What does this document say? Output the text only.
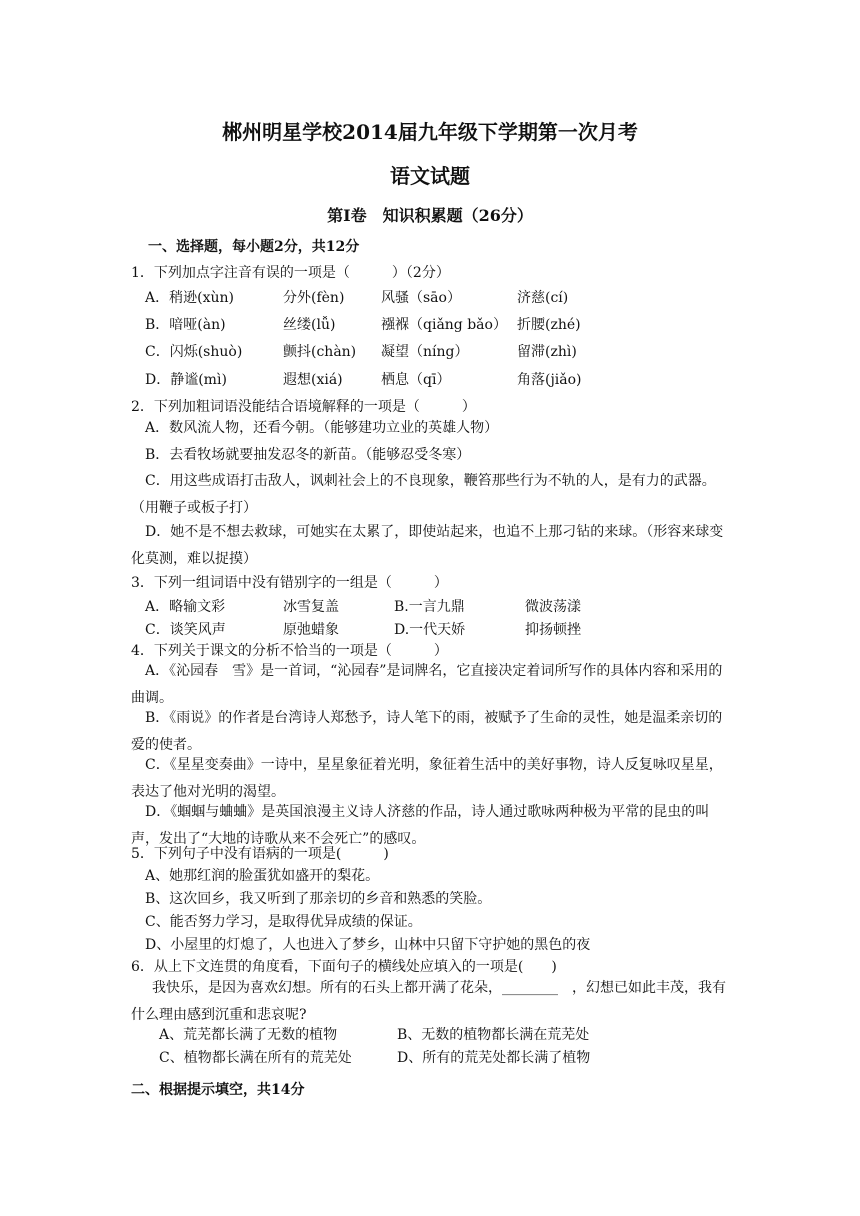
郴州明星学校2014届九年级下学期第一次月考
语文试题
第Ⅰ卷　知识积累题（26分）
一、选择题，每小题2分，共12分
1．下列加点字注音有误的一项是（　　　）（2分）
A．稍逊(xùn)	分外(fèn)	风骚（sāo）	济慈(cí)
B．喑哑(àn)	丝缕(lǚ)	襁褓（qiǎng bǎo） 折腰(zhé)
C．闪烁(shuò)	颤抖(chàn) 凝望（níng）	留滞(zhì)
D．静谧(mì)	遐想(xiá)	栖息（qī）	角落(jiǎo)
2．下列加粗词语没能结合语境解释的一项是（　　　）
A．数风流人物，还看今朝。（能够建功立业的英雄人物）
B．去看牧场就要抽发忍冬的新苗。（能够忍受冬寒）
C．用这些成语打击敌人，讽刺社会上的不良现象，鞭笞那些行为不轨的人，是有力的武器。（用鞭子或板子打）
D．她不是不想去救球，可她实在太累了，即使站起来，也追不上那刁钻的来球。（形容来球变化莫测，难以捉摸）
3．下列一组词语中没有错别字的一组是（　　　）
A．略输文彩	冰雪复盖	B.一言九鼎	微波荡漾
C．谈笑风声	原弛蜡象	D.一代天娇	抑扬顿挫
4．下列关于课文的分析不恰当的一项是（　　　）
A．《沁园春　雪》是一首词，“沁园春”是词牌名，它直接决定着词所写作的具体内容和采用的曲调。
B．《雨说》的作者是台湾诗人郑愁予，诗人笔下的雨，被赋予了生命的灵性，她是温柔亲切的爱的使者。
C．《星星变奏曲》一诗中，星星象征着光明，象征着生活中的美好事物，诗人反复咏叹星星，表达了他对光明的渴望。
D．《蝈蝈与蛐蛐》是英国浪漫主义诗人济慈的作品，诗人通过歌咏两种极为平常的昆虫的叫声，发出了“大地的诗歌从来不会死亡”的感叹。
5．下列句子中没有语病的一项是(　　　)
A、她那红润的脸蛋犹如盛开的梨花。
B、这次回乡，我又听到了那亲切的乡音和熟悉的笑脸。
C、能否努力学习，是取得优异成绩的保证。
D、小屋里的灯熄了，人也进入了梦乡，山林中只留下守护她的黑色的夜
6．从上下文连贯的角度看，下面句子的横线处应填入的一项是(　　)
我快乐，是因为喜欢幻想。所有的石头上都开满了花朵，________　，幻想已如此丰茂，我有什么理由感到沉重和悲哀呢?
A、荒芜都长满了无数的植物	B、无数的植物都长满在荒芜处
C、植物都长满在所有的荒芜处	D、所有的荒芜处都长满了植物
二、根据提示填空，共14分
